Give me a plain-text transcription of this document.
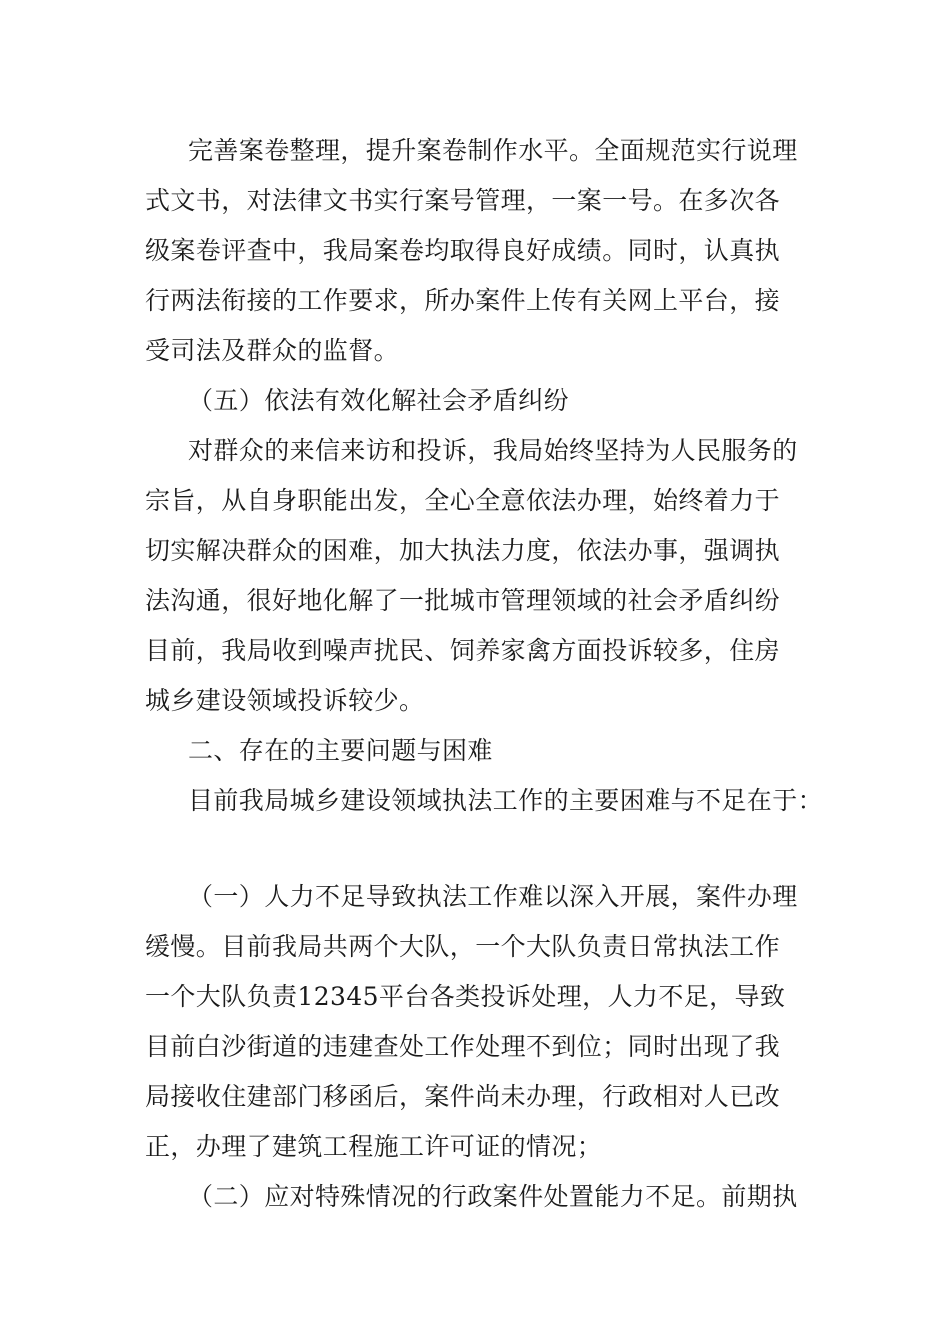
完善案卷整理，提升案卷制作水平。全面规范实行说理
式文书，对法律文书实行案号管理，一案一号。在多次各
级案卷评查中，我局案卷均取得良好成绩。同时，认真执
行两法衔接的工作要求，所办案件上传有关网上平台，接
受司法及群众的监督。
（五）依法有效化解社会矛盾纠纷
对群众的来信来访和投诉，我局始终坚持为人民服务的
宗旨，从自身职能出发，全心全意依法办理，始终着力于
切实解决群众的困难，加大执法力度，依法办事，强调执
法沟通，很好地化解了一批城市管理领域的社会矛盾纠纷
目前，我局收到噪声扰民、饲养家禽方面投诉较多，住房
城乡建设领域投诉较少。
二、存在的主要问题与困难
目前我局城乡建设领域执法工作的主要困难与不足在于：
（一）人力不足导致执法工作难以深入开展，案件办理
缓慢。目前我局共两个大队，一个大队负责日常执法工作
一个大队负责12345平台各类投诉处理，人力不足，导致
目前白沙街道的违建查处工作处理不到位；同时出现了我
局接收住建部门移函后，案件尚未办理，行政相对人已改
正，办理了建筑工程施工许可证的情况；
（二）应对特殊情况的行政案件处置能力不足。前期执
